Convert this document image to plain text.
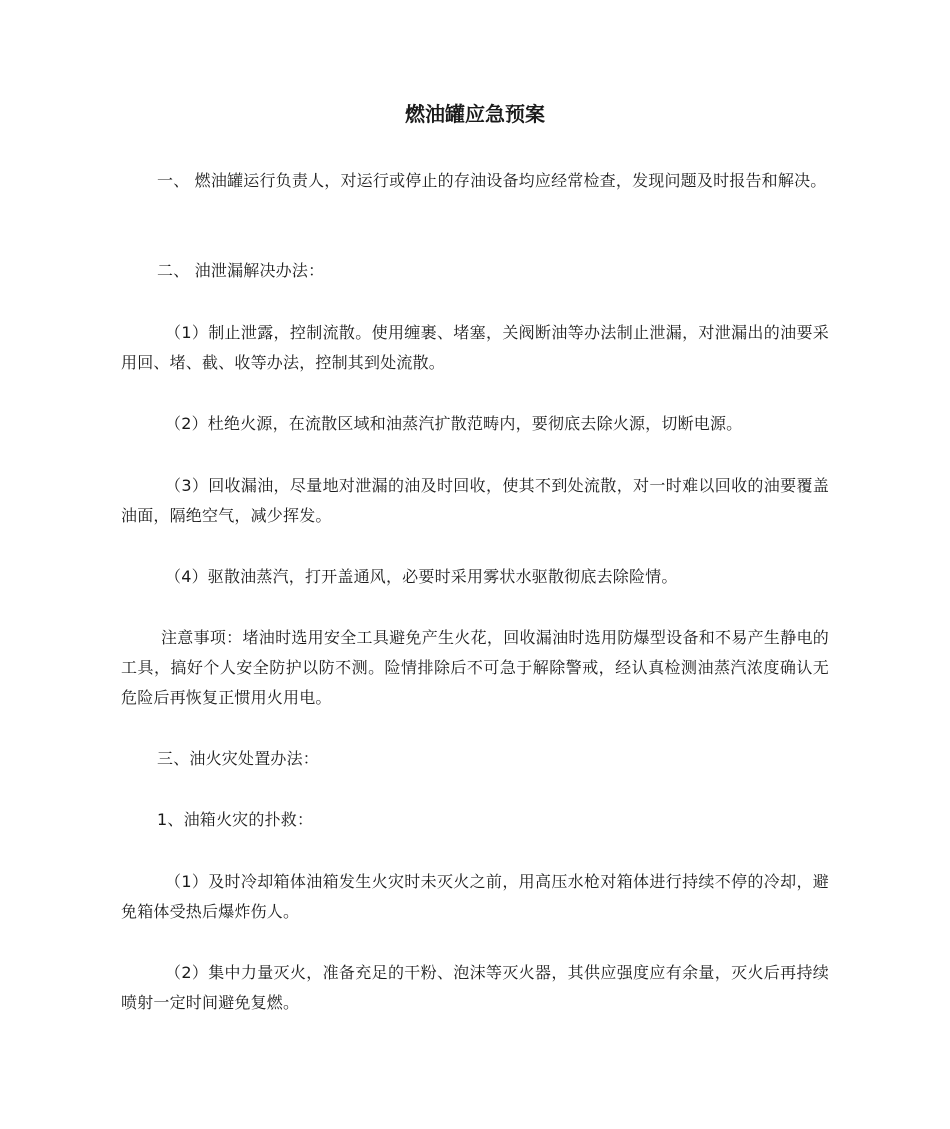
燃油罐应急预案

一、 燃油罐运行负责人，对运行或停止的存油设备均应经常检查，发现问题及时报告和解决。

二、 油泄漏解决办法：

（1）制止泄露，控制流散。使用缠裹、堵塞，关阀断油等办法制止泄漏，对泄漏出的油要采用回、堵、截、收等办法，控制其到处流散。

（2）杜绝火源，在流散区域和油蒸汽扩散范畴内，要彻底去除火源，切断电源。

（3）回收漏油，尽量地对泄漏的油及时回收，使其不到处流散，对一时难以回收的油要覆盖油面，隔绝空气，减少挥发。

（4）驱散油蒸汽，打开盖通风，必要时采用雾状水驱散彻底去除险情。

注意事项：堵油时选用安全工具避免产生火花，回收漏油时选用防爆型设备和不易产生静电的工具，搞好个人安全防护以防不测。险情排除后不可急于解除警戒，经认真检测油蒸汽浓度确认无危险后再恢复正惯用火用电。

三、油火灾处置办法：

1、油箱火灾的扑救：

（1）及时冷却箱体油箱发生火灾时未灭火之前，用高压水枪对箱体进行持续不停的冷却，避免箱体受热后爆炸伤人。

（2）集中力量灭火，准备充足的干粉、泡沫等灭火器，其供应强度应有余量，灭火后再持续喷射一定时间避免复燃。
